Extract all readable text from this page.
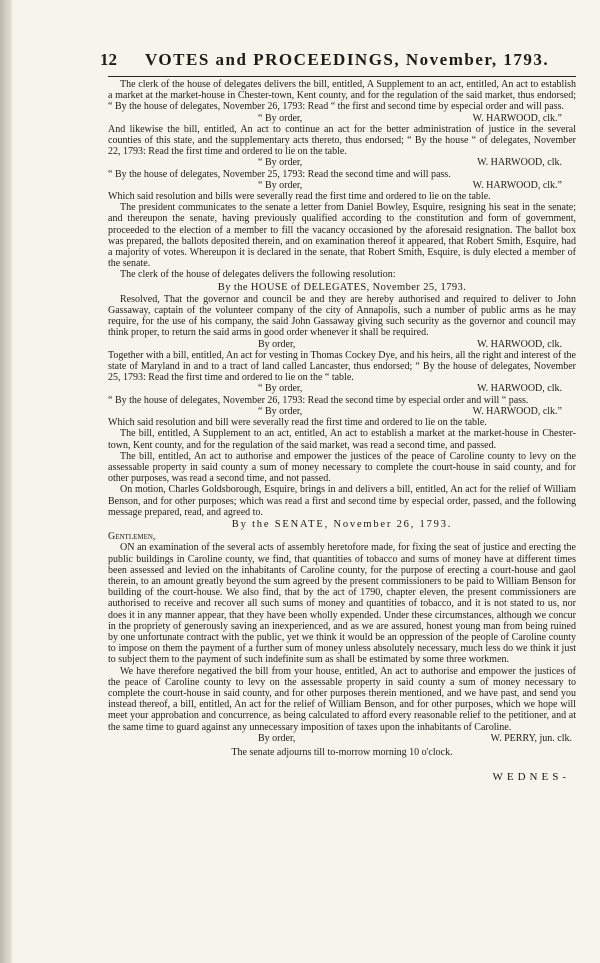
12 VOTES and PROCEEDINGS, November, 1793.

The clerk of the house of delegates delivers the bill, entitled, A Supplement to an act, entitled, An act to establish a market at the market-house in Chester-town, Kent county, and for the regulation of the said market, thus endorsed; “ By the house of delegates, November 26, 1793: Read “ the first and second time by especial order and will pass.

“ By order,	W. HARWOOD, clk.”

And likewise the bill, entitled, An act to continue an act for the better administration of justice in the several counties of this state, and the supplementary acts thereto, thus endorsed; “ By the house “ of delegates, November 22, 1793: Read the first time and ordered to lie on the table.

“ By order,	W. HARWOOD, clk.

“ By the house of delegates, November 25, 1793: Read the second time and will pass.

“ By order,	W. HARWOOD, clk.”

Which said resolution and bills were severally read the first time and ordered to lie on the table.

The president communicates to the senate a letter from Daniel Bowley, Esquire, resigning his seat in the senate; and thereupon the senate, having previously qualified according to the constitution and form of government, proceeded to the election of a member to fill the vacancy occasioned by the aforesaid resignation. The ballot box was prepared, the ballots deposited therein, and on examination thereof it appeared, that Robert Smith, Esquire, had a majority of votes. Whereupon it is declared in the senate, that Robert Smith, Esquire, is duly elected a member of the senate.

The clerk of the house of delegates delivers the following resolution:

By the HOUSE of DELEGATES, November 25, 1793.

Resolved, That the governor and council be and they are hereby authorised and required to deliver to John Gassaway, captain of the volunteer company of the city of Annapolis, such a number of public arms as he may require, for the use of his company, the said John Gassaway giving such security as the governor and council may think proper, to return the said arms in good order whenever it shall be required.

By order,	W. HARWOOD, clk.

Together with a bill, entitled, An act for vesting in Thomas Cockey Dye, and his heirs, all the right and interest of the state of Maryland in and to a tract of land called Lancaster, thus endorsed; “ By the house of delegates, November 25, 1793: Read the first time and ordered to lie on the “ table.

“ By order,	W. HARWOOD, clk.

“ By the house of delegates, November 26, 1793: Read the second time by especial order and will “ pass.

“ By order,	W. HARWOOD, clk.”

Which said resolution and bill were severally read the first time and ordered to lie on the table.

The bill, entitled, A Supplement to an act, entitled, An act to establish a market at the market-house in Chester-town, Kent county, and for the regulation of the said market, was read a second time, and passed.

The bill, entitled, An act to authorise and empower the justices of the peace of Caroline county to levy on the assessable property in said county a sum of money necessary to complete the court-house in said county, and for other purposes, was read a second time, and not passed.

On motion, Charles Goldsborough, Esquire, brings in and delivers a bill, entitled, An act for the relief of William Benson, and for other purposes; which was read a first and second time by especial order, passed, and the following message prepared, read, and agreed to.

By the SENATE, November 26, 1793.

Gentlemen,

ON an examination of the several acts of assembly heretofore made, for fixing the seat of justice and erecting the public buildings in Caroline county, we find, that quantities of tobacco and sums of money have at different times been assessed and levied on the inhabitants of Caroline county, for the purpose of erecting a court-house and gaol therein, to an amount greatly beyond the sum agreed by the present commissioners to be paid to William Benson for building of the court-house. We also find, that by the act of 1790, chapter eleven, the present commissioners are authorised to receive and recover all such sums of money and quantities of tobacco, and it is not stated to us, nor does it in any manner appear, that they have been wholly expended. Under these circumstances, although we concur in the propriety of generously saving an inexperienced, and as we are assured, honest young man from being ruined by one unfortunate contract with the public, yet we think it would be an oppression of the people of Caroline county to impose on them the payment of a further sum of money unless absolutely necessary, much less do we think it just to subject them to the payment of such indefinite sum as shall be estimated by some three workmen.

We have therefore negatived the bill from your house, entitled, An act to authorise and empower the justices of the peace of Caroline county to levy on the assessable property in said county a sum of money necessary to complete the court-house in said county, and for other purposes therein mentioned, and we have past, and send you instead thereof, a bill, entitled, An act for the relief of William Benson, and for other purposes, which we hope will meet your approbation and concurrence, as being calculated to afford every reasonable relief to the petitioner, and at the same time to guard against any unnecessary imposition of taxes upon the inhabitants of Caroline.

By order,	W. PERRY, jun. clk.
The senate adjourns till to-morrow morning 10 o'clock.
WEDNES-
